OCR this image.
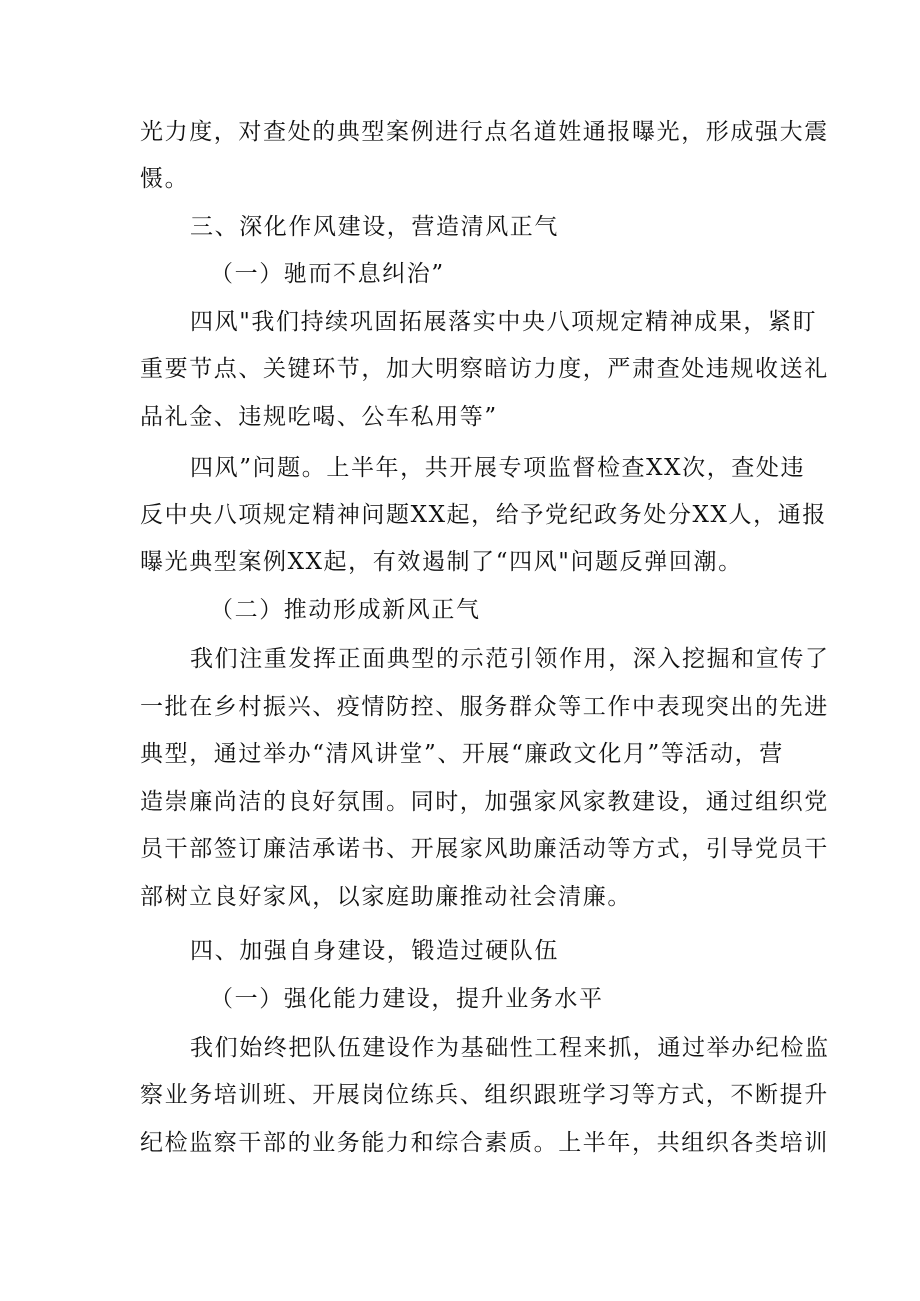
光力度，对查处的典型案例进行点名道姓通报曝光，形成强大震
慑。
三、深化作风建设，营造清风正气
（一）驰而不息纠治”
四风"我们持续巩固拓展落实中央八项规定精神成果，紧盯
重要节点、关键环节，加大明察暗访力度，严肃查处违规收送礼
品礼金、违规吃喝、公车私用等”
四风”问题。上半年，共开展专项监督检查XX次，查处违
反中央八项规定精神问题XX起，给予党纪政务处分XX人，通报
曝光典型案例XX起，有效遏制了“四风"问题反弹回潮。
（二）推动形成新风正气
我们注重发挥正面典型的示范引领作用，深入挖掘和宣传了
一批在乡村振兴、疫情防控、服务群众等工作中表现突出的先进
典型，通过举办“清风讲堂”、开展“廉政文化月”等活动，营
造崇廉尚洁的良好氛围。同时，加强家风家教建设，通过组织党
员干部签订廉洁承诺书、开展家风助廉活动等方式，引导党员干
部树立良好家风，以家庭助廉推动社会清廉。
四、加强自身建设，锻造过硬队伍
（一）强化能力建设，提升业务水平
我们始终把队伍建设作为基础性工程来抓，通过举办纪检监
察业务培训班、开展岗位练兵、组织跟班学习等方式，不断提升
纪检监察干部的业务能力和综合素质。上半年，共组织各类培训
